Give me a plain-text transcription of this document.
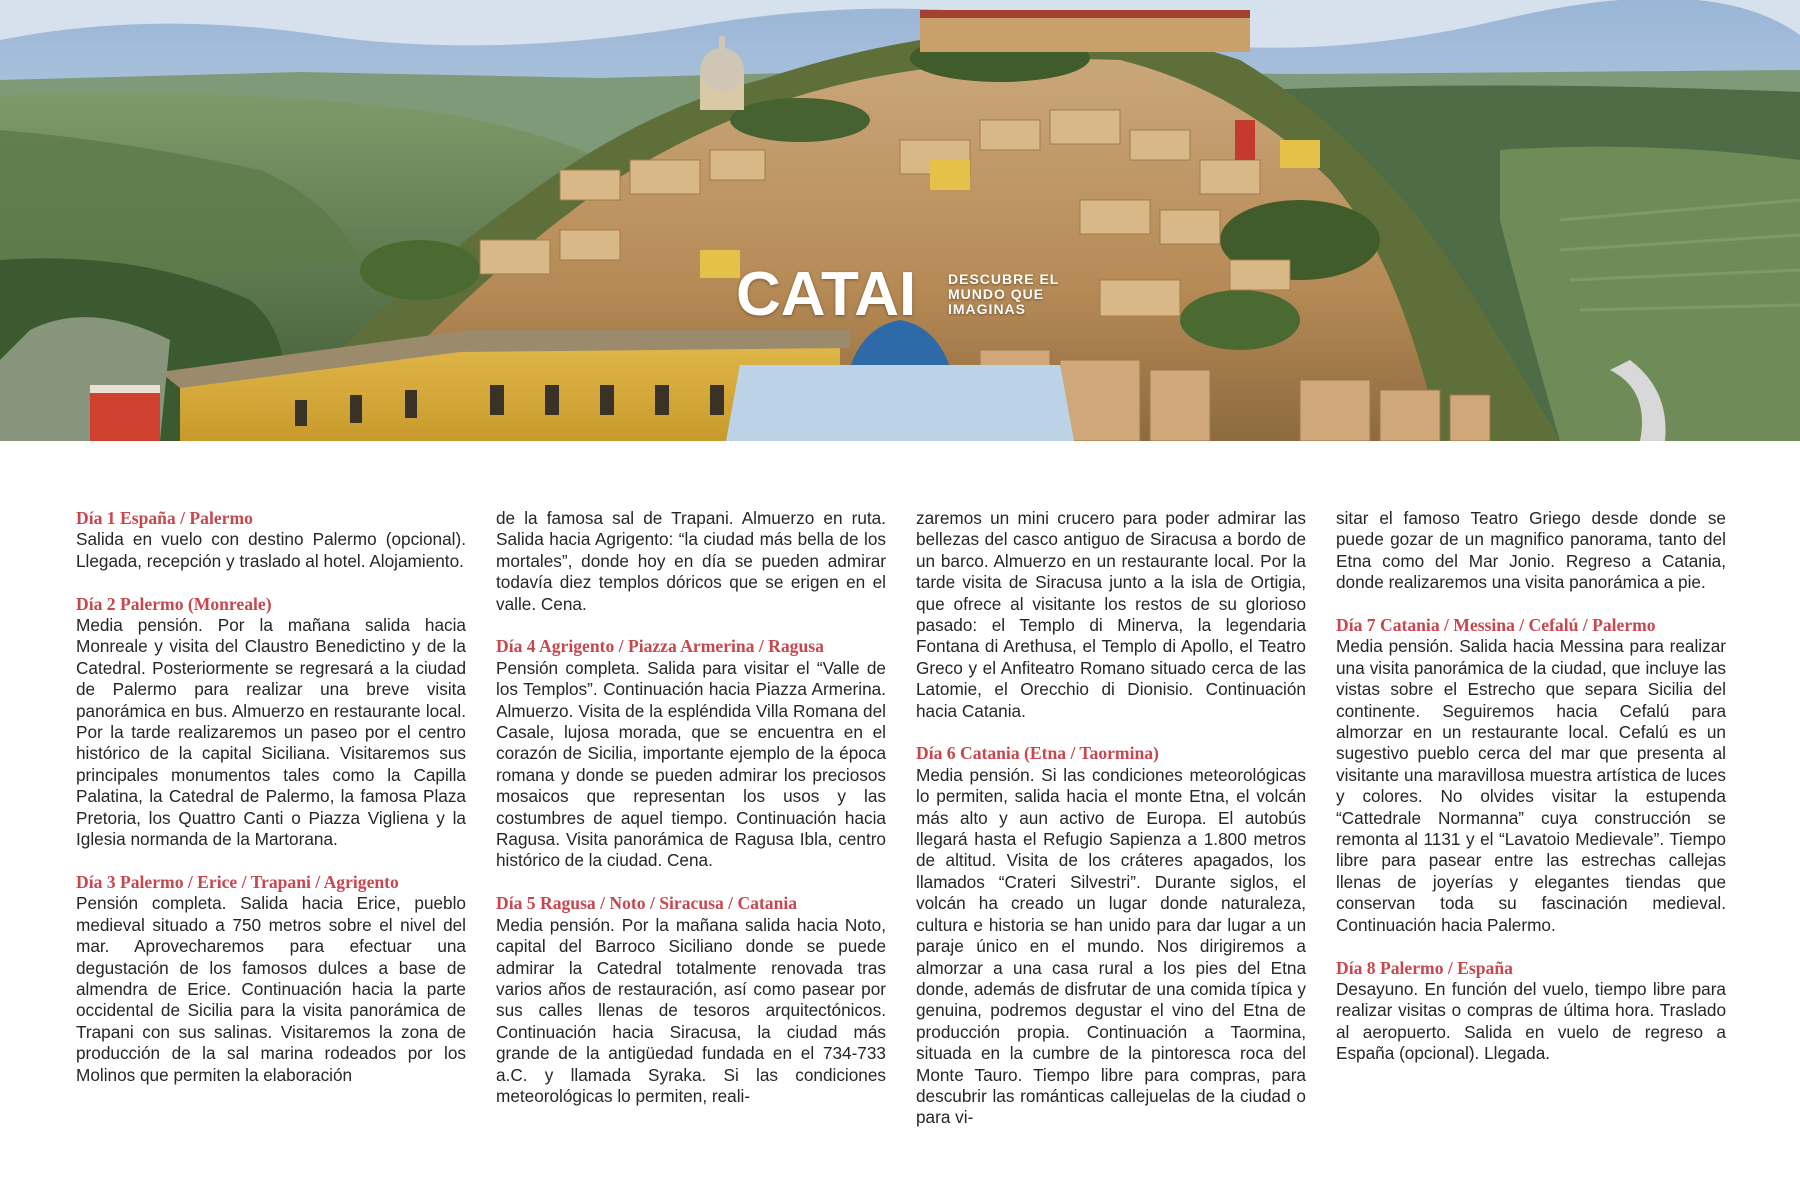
CATAI DESCUBRE EL MUNDO QUE IMAGINAS
Día 1 España / Palermo
Salida en vuelo con destino Palermo (opcional). Llegada, recepción y traslado al hotel. Alojamiento.
Día 2 Palermo (Monreale)
Media pensión. Por la mañana salida hacia Monreale y visita del Claustro Benedictino y de la Catedral. Posteriormente se regresará a la ciudad de Palermo para realizar una breve visita panorámica en bus. Almuerzo en restaurante local. Por la tarde realizaremos un paseo por el centro histórico de la capital Siciliana. Visitaremos sus principales monumentos tales como la Capilla Palatina, la Catedral de Palermo, la famosa Plaza Pretoria, los Quattro Canti o Piazza Vigliena y la Iglesia normanda de la Martorana.
Día 3 Palermo / Erice / Trapani / Agrigento
Pensión completa. Salida hacia Erice, pueblo medieval situado a 750 metros sobre el nivel del mar. Aprovecharemos para efectuar una degustación de los famosos dulces a base de almendra de Erice. Continuación hacia la parte occidental de Sicilia para la visita panorámica de Trapani con sus salinas. Visitaremos la zona de producción de la sal marina rodeados por los Molinos que permiten la elaboración
de la famosa sal de Trapani. Almuerzo en ruta. Salida hacia Agrigento: “la ciudad más bella de los mortales”, donde hoy en día se pueden admirar todavía diez templos dóricos que se erigen en el valle. Cena.
Día 4 Agrigento / Piazza Armerina / Ragusa
Pensión completa. Salida para visitar el “Valle de los Templos”. Continuación hacia Piazza Armerina. Almuerzo. Visita de la espléndida Villa Romana del Casale, lujosa morada, que se encuentra en el corazón de Sicilia, importante ejemplo de la época romana y donde se pueden admirar los preciosos mosaicos que representan los usos y las costumbres de aquel tiempo. Continuación hacia Ragusa. Visita panorámica de Ragusa Ibla, centro histórico de la ciudad. Cena.
Día 5 Ragusa / Noto / Siracusa / Catania
Media pensión. Por la mañana salida hacia Noto, capital del Barroco Siciliano donde se puede admirar la Catedral totalmente renovada tras varios años de restauración, así como pasear por sus calles llenas de tesoros arquitectónicos. Continuación hacia Siracusa, la ciudad más grande de la antigüedad fundada en el 734-733 a.C. y llamada Syraka. Si las condiciones meteorológicas lo permiten, reali-
zaremos un mini crucero para poder admirar las bellezas del casco antiguo de Siracusa a bordo de un barco. Almuerzo en un restaurante local. Por la tarde visita de Siracusa junto a la isla de Ortigia, que ofrece al visitante los restos de su glorioso pasado: el Templo di Minerva, la legendaria Fontana di Arethusa, el Templo di Apollo, el Teatro Greco y el Anfiteatro Romano situado cerca de las Latomie, el Orecchio di Dionisio. Continuación hacia Catania.
Día 6 Catania (Etna / Taormina)
Media pensión. Si las condiciones meteorológicas lo permiten, salida hacia el monte Etna, el volcán más alto y aun activo de Europa. El autobús llegará hasta el Refugio Sapienza a 1.800 metros de altitud. Visita de los cráteres apagados, los llamados “Crateri Silvestri”. Durante siglos, el volcán ha creado un lugar donde naturaleza, cultura e historia se han unido para dar lugar a un paraje único en el mundo. Nos dirigiremos a almorzar a una casa rural a los pies del Etna donde, además de disfrutar de una comida típica y genuina, podremos degustar el vino del Etna de producción propia. Continuación a Taormina, situada en la cumbre de la pintoresca roca del Monte Tauro. Tiempo libre para compras, para descubrir las románticas callejuelas de la ciudad o para vi-
sitar el famoso Teatro Griego desde donde se puede gozar de un magnifico panorama, tanto del Etna como del Mar Jonio. Regreso a Catania, donde realizaremos una visita panorámica a pie.
Día 7 Catania / Messina / Cefalú / Palermo
Media pensión. Salida hacia Messina para realizar una visita panorámica de la ciudad, que incluye las vistas sobre el Estrecho que separa Sicilia del continente. Seguiremos hacia Cefalú para almorzar en un restaurante local. Cefalú es un sugestivo pueblo cerca del mar que presenta al visitante una maravillosa muestra artística de luces y colores. No olvides visitar la estupenda “Cattedrale Normanna” cuya construcción se remonta al 1131 y el “Lavatoio Medievale”. Tiempo libre para pasear entre las estrechas callejas llenas de joyerías y elegantes tiendas que conservan toda su fascinación medieval. Continuación hacia Palermo.
Día 8 Palermo / España
Desayuno. En función del vuelo, tiempo libre para realizar visitas o compras de última hora. Traslado al aeropuerto. Salida en vuelo de regreso a España (opcional). Llegada.
